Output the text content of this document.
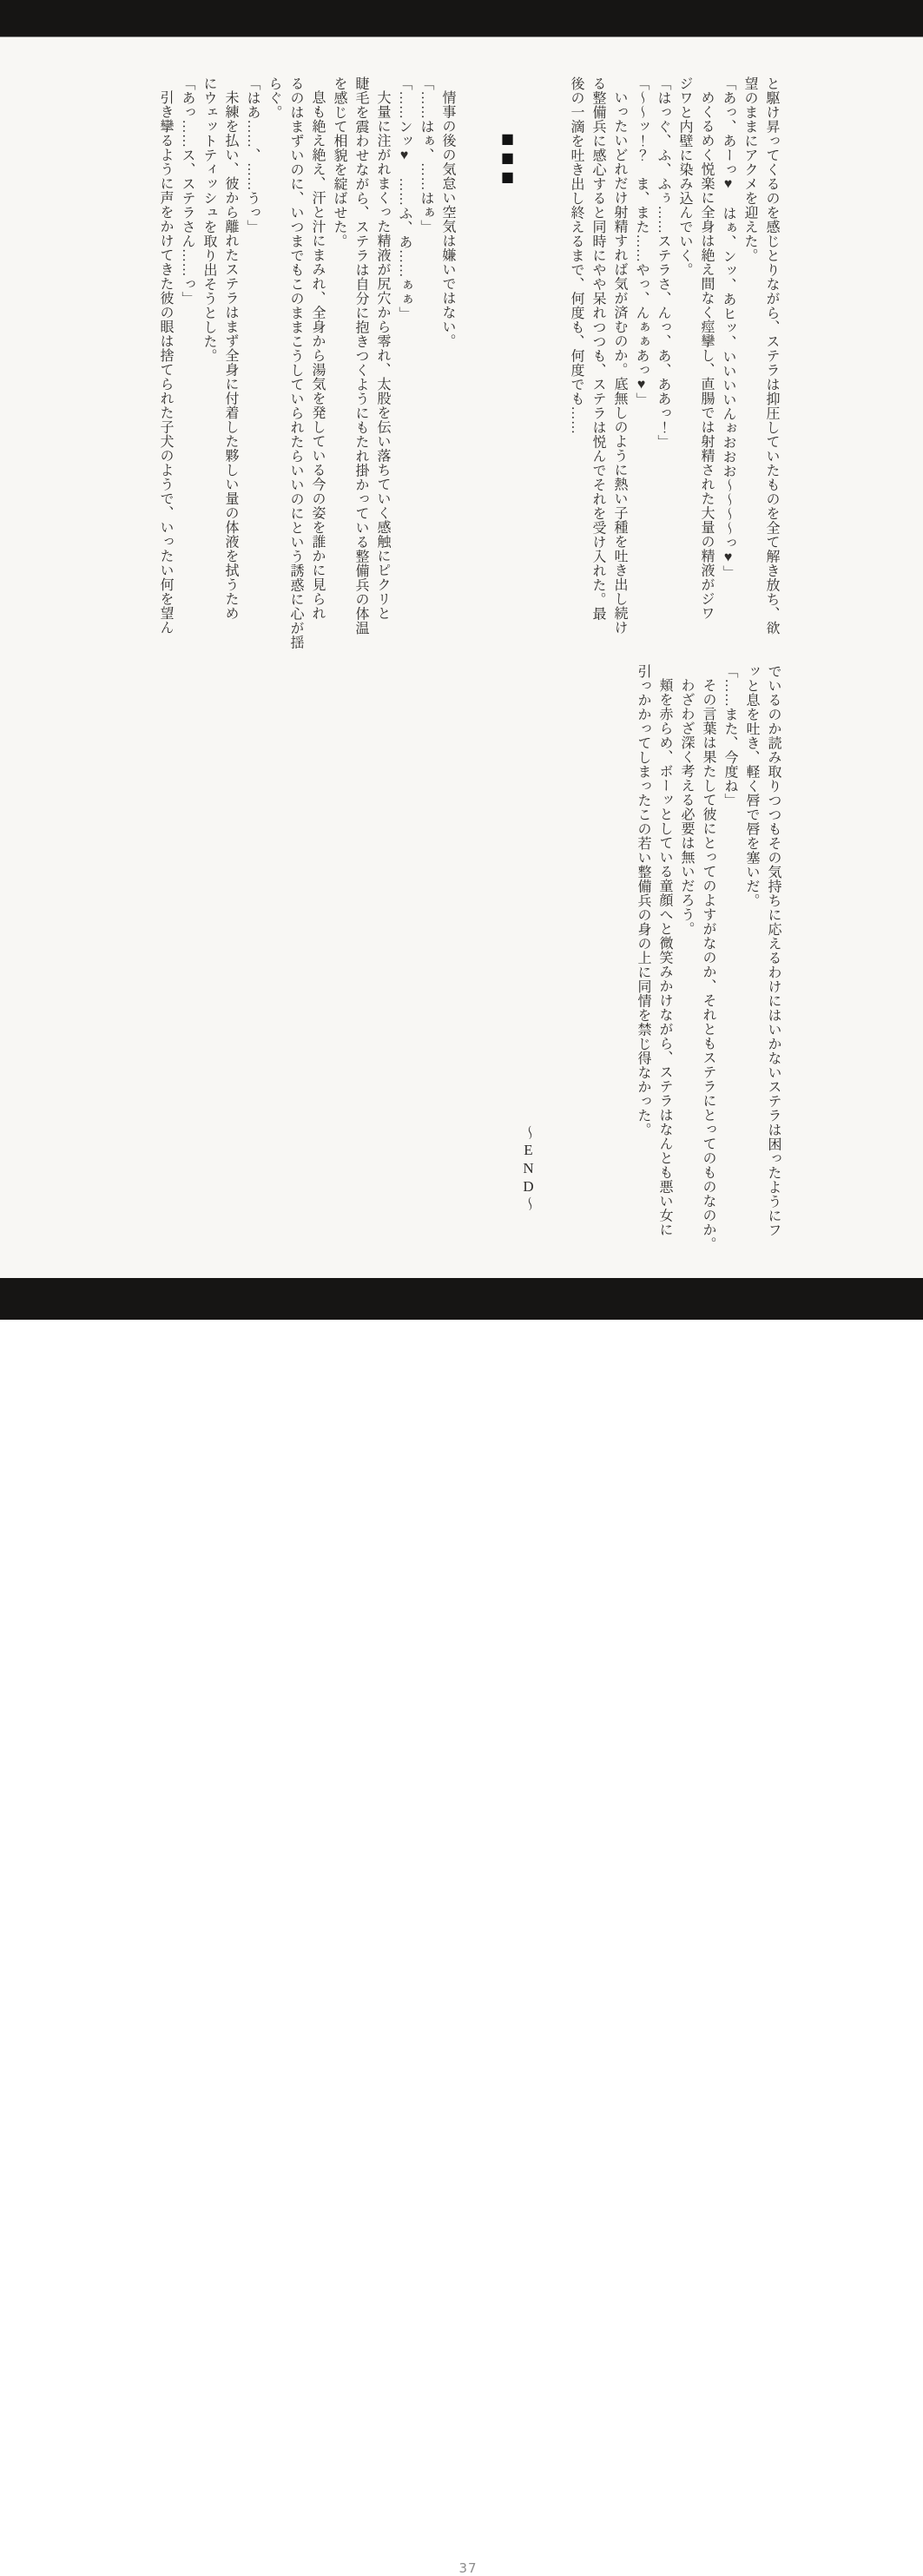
と駆け昇ってくるのを感じとりながら、ステラは抑圧していたものを全て解き放ち、欲

望のままにアクメを迎えた。

「あっ、あーっ♥　はぁ、ンッ、あヒッ、いいいいんぉおおお〜〜〜〜っ♥」

めくるめく悦楽に全身は絶え間なく痙攣し、直腸では射精された大量の精液がジワ

ジワと内壁に染み込んでいく。

「はっぐ、ふ、ふぅ……ステラさ、んっ、あ、ああっ！」

「〜〜ッ！？　ま、また……やっ、んぁぁあっ♥」

いったいどれだけ射精すれば気が済むのか。底無しのように熱い子種を吐き出し続け

る整備兵に感心すると同時にやや呆れつつも、ステラは悦んでそれを受け入れた。最

後の一滴を吐き出し終えるまで、何度も、何度でも……

■■■

情事の後の気怠い空気は嫌いではない。

「……はぁ、……はぁ」

「……ンッ♥　……ふ、あ……ぁぁ」

大量に注がれまくった精液が尻穴から零れ、太股を伝い落ちていく感触にピクリと

睫毛を震わせながら、ステラは自分に抱きつくようにもたれ掛かっている整備兵の体温

を感じて相貌を綻ばせた。

息も絶え絶え、汗と汁にまみれ、全身から湯気を発している今の姿を誰かに見られ

るのはまずいのに、いつまでもこのままこうしていられたらいいのにという誘惑に心が揺

らぐ。

「はあ……、……うっ」

未練を払い、彼から離れたステラはまず全身に付着した夥しい量の体液を拭うため

にウェットティッシュを取り出そうとした。

「あっ……ス、ステラさん……っ」

引き攣るように声をかけてきた彼の眼は捨てられた子犬のようで、いったい何を望ん

でいるのか読み取りつつもその気持ちに応えるわけにはいかないステラは困ったようにフ

ッと息を吐き、軽く唇で唇を塞いだ。

「……また、今度ね」

その言葉は果たして彼にとってのよすがなのか、それともステラにとってのものなのか。

わざわざ深く考える必要は無いだろう。

頬を赤らめ、ボーッとしている童顔へと微笑みかけながら、ステラはなんとも悪い女に

引っかかってしまったこの若い整備兵の身の上に同情を禁じ得なかった。

〜END〜
37
